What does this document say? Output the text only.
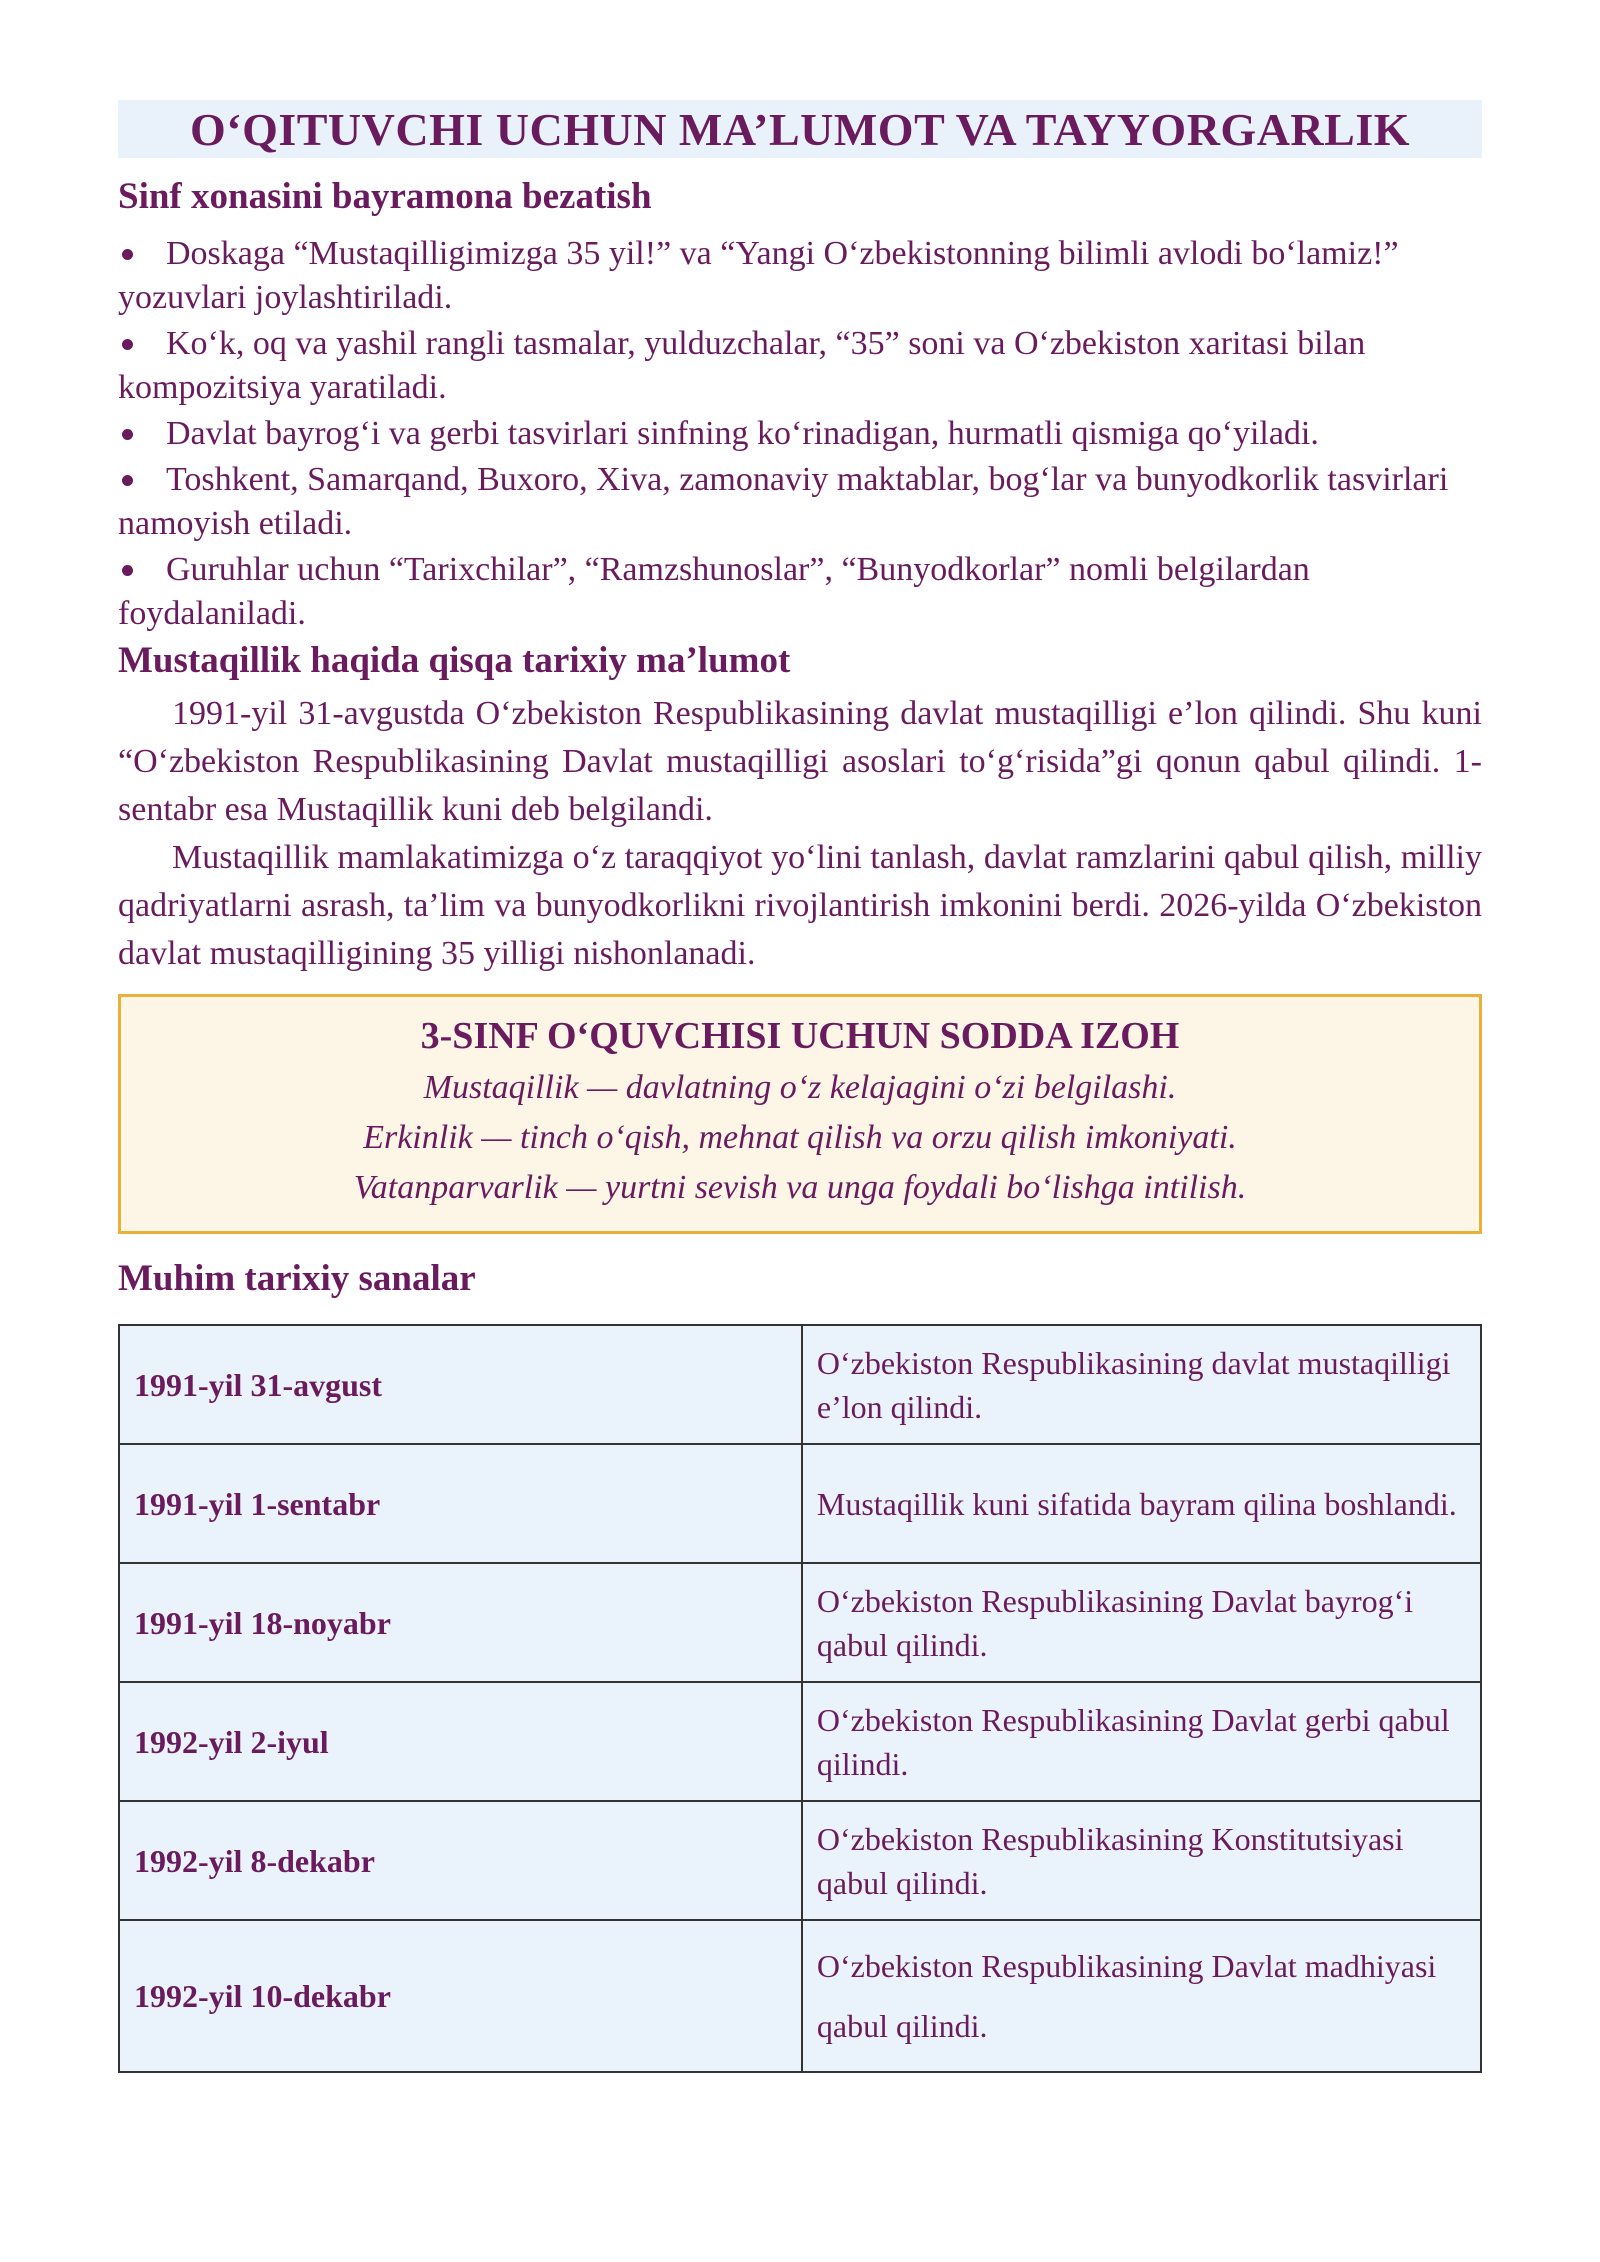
O‘QITUVCHI UCHUN MA’LUMOT VA TAYYORGARLIK
Sinf xonasini bayramona bezatish
Doskaga “Mustaqilligimizga 35 yil!” va “Yangi O‘zbekistonning bilimli avlodi bo‘lamiz!” yozuvlari joylashtiriladi.
Ko‘k, oq va yashil rangli tasmalar, yulduzchalar, “35” soni va O‘zbekiston xaritasi bilan kompozitsiya yaratiladi.
Davlat bayrog‘i va gerbi tasvirlari sinfning ko‘rinadigan, hurmatli qismiga qo‘yiladi.
Toshkent, Samarqand, Buxoro, Xiva, zamonaviy maktablar, bog‘lar va bunyodkorlik tasvirlari namoyish etiladi.
Guruhlar uchun “Tarixchilar”, “Ramzshunoslar”, “Bunyodkorlar” nomli belgilardan foydalaniladi.
Mustaqillik haqida qisqa tarixiy ma’lumot

1991-yil 31-avgustda O‘zbekiston Respublikasining davlat mustaqilligi e’lon qilindi. Shu kuni “O‘zbekiston Respublikasining Davlat mustaqilligi asoslari to‘g‘risida”gi qonun qabul qilindi. 1-sentabr esa Mustaqillik kuni deb belgilandi.

Mustaqillik mamlakatimizga o‘z taraqqiyot yo‘lini tanlash, davlat ramzlarini qabul qilish, milliy qadriyatlarni asrash, ta’lim va bunyodkorlikni rivojlantirish imkonini berdi. 2026-yilda O‘zbekiston davlat mustaqilligining 35 yilligi nishonlanadi.

3-SINF O‘QUVCHISI UCHUN SODDA IZOH

Mustaqillik — davlatning o‘z kelajagini o‘zi belgilashi.

Erkinlik — tinch o‘qish, mehnat qilish va orzu qilish imkoniyati.

Vatanparvarlik — yurtni sevish va unga foydali bo‘lishga intilish.

Muhim tarixiy sanalar
1991-yil 31-avgust	O‘zbekiston Respublikasining davlat mustaqilligi e’lon qilindi.
1991-yil 1-sentabr	Mustaqillik kuni sifatida bayram qilina boshlandi.
1991-yil 18-noyabr	O‘zbekiston Respublikasining Davlat bayrog‘i qabul qilindi.
1992-yil 2-iyul	O‘zbekiston Respublikasining Davlat gerbi qabul qilindi.
1992-yil 8-dekabr	O‘zbekiston Respublikasining Konstitutsiyasi qabul qilindi.
1992-yil 10-dekabr	O‘zbekiston Respublikasining Davlat madhiyasi qabul qilindi.
